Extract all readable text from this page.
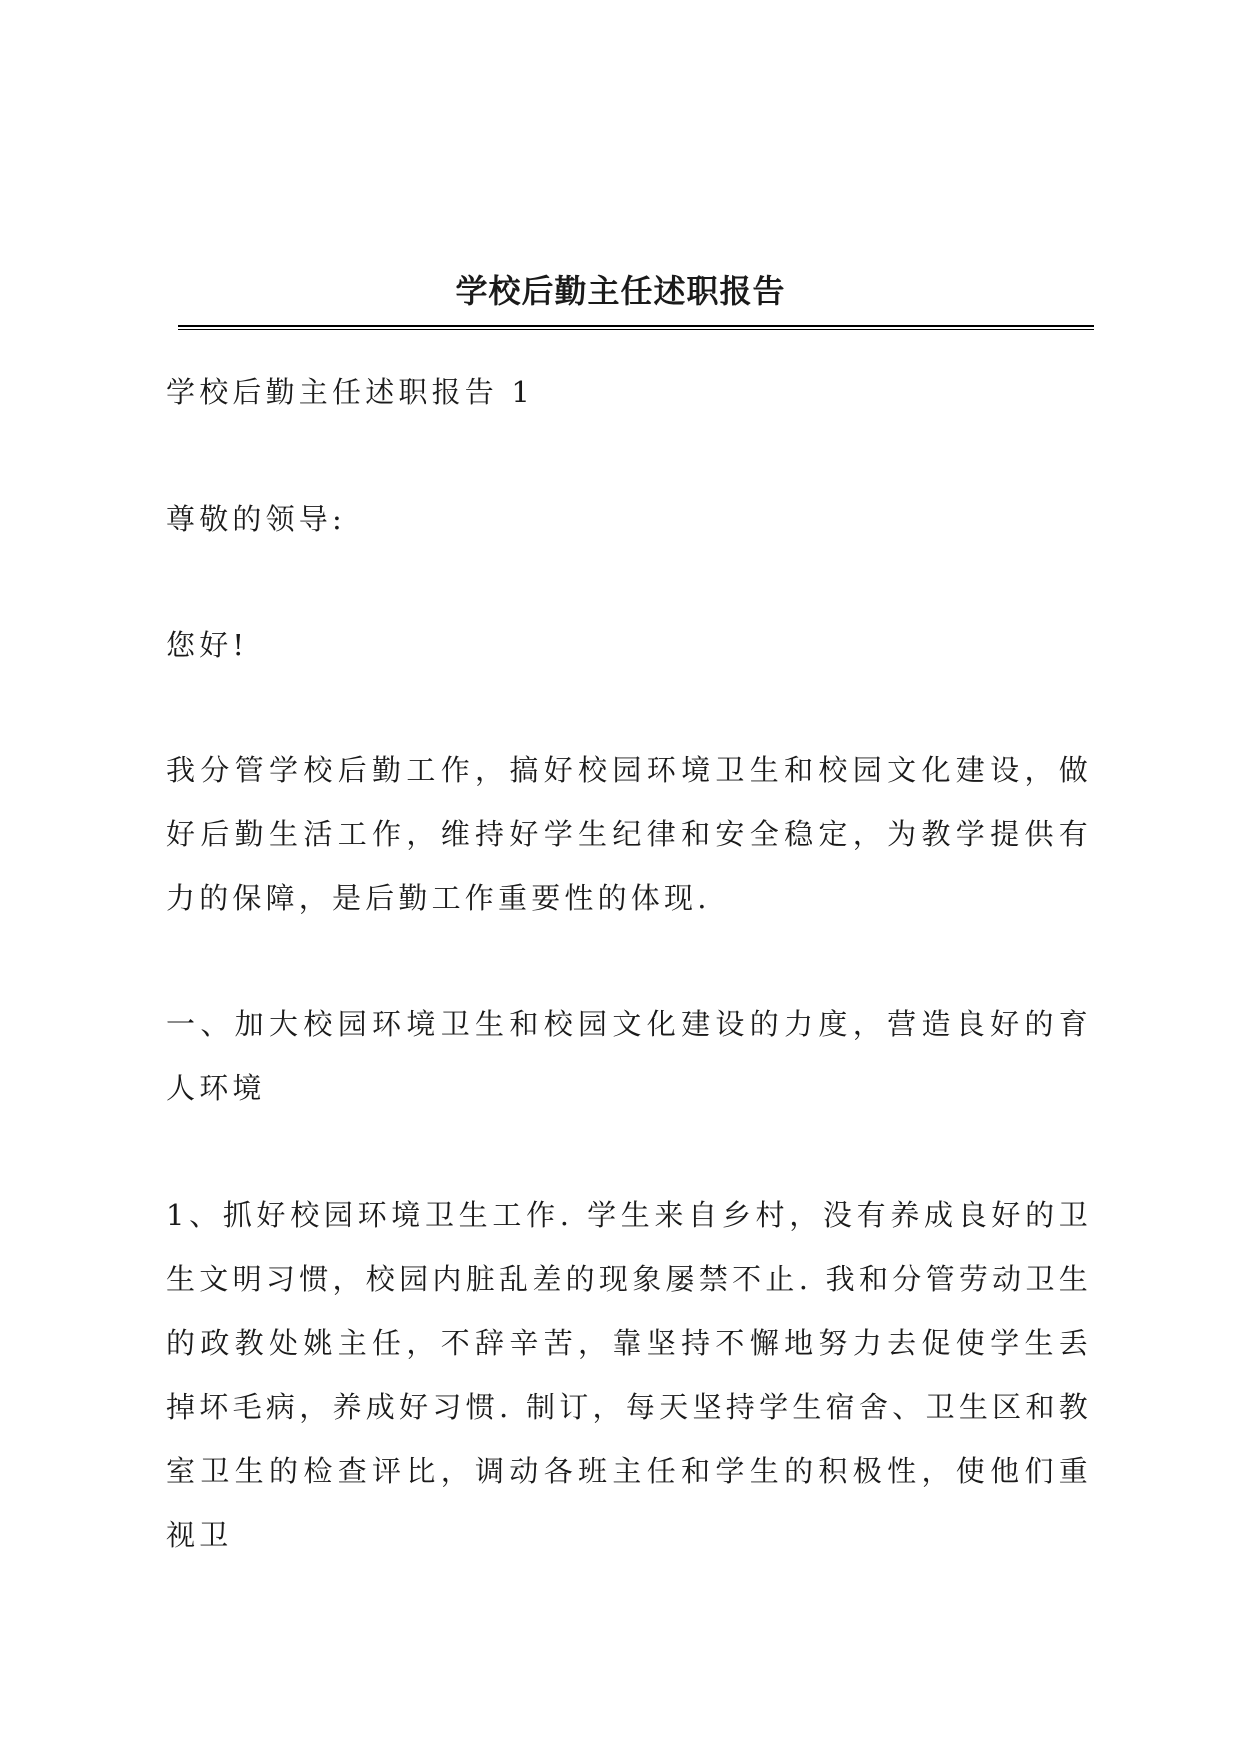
学校后勤主任述职报告

学校后勤主任述职报告 1

尊敬的领导:

您好!

我分管学校后勤工作，搞好校园环境卫生和校园文化建设，做好后勤生活工作，维持好学生纪律和安全稳定，为教学提供有力的保障，是后勤工作重要性的体现.

一、加大校园环境卫生和校园文化建设的力度，营造良好的育人环境

1、抓好校园环境卫生工作. 学生来自乡村，没有养成良好的卫生文明习惯，校园内脏乱差的现象屡禁不止. 我和分管劳动卫生的政教处姚主任，不辞辛苦，靠坚持不懈地努力去促使学生丢掉坏毛病，养成好习惯. 制订，每天坚持学生宿舍、卫生区和教室卫生的检查评比，调动各班主任和学生的积极性，使他们重视卫
